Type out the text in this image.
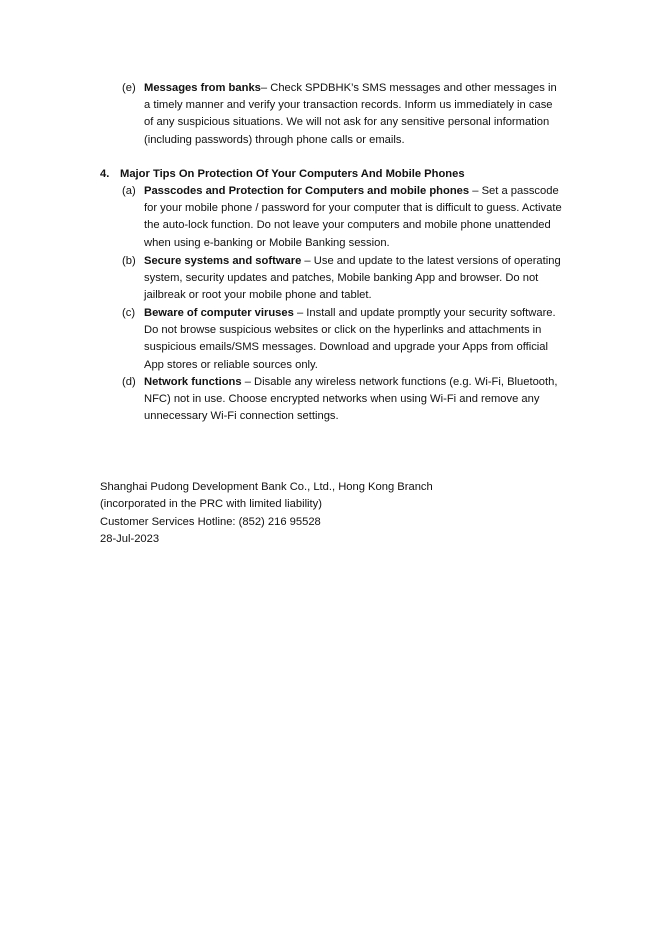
(e) Messages from banks– Check SPDBHK’s SMS messages and other messages in a timely manner and verify your transaction records. Inform us immediately in case of any suspicious situations. We will not ask for any sensitive personal information (including passwords) through phone calls or emails.
4. Major Tips On Protection Of Your Computers And Mobile Phones
(a) Passcodes and Protection for Computers and mobile phones – Set a passcode for your mobile phone / password for your computer that is difficult to guess. Activate the auto-lock function. Do not leave your computers and mobile phone unattended when using e-banking or Mobile Banking session.
(b) Secure systems and software – Use and update to the latest versions of operating system, security updates and patches, Mobile banking App and browser. Do not jailbreak or root your mobile phone and tablet.
(c) Beware of computer viruses – Install and update promptly your security software. Do not browse suspicious websites or click on the hyperlinks and attachments in suspicious emails/SMS messages. Download and upgrade your Apps from official App stores or reliable sources only.
(d) Network functions – Disable any wireless network functions (e.g. Wi-Fi, Bluetooth, NFC) not in use. Choose encrypted networks when using Wi-Fi and remove any unnecessary Wi-Fi connection settings.
Shanghai Pudong Development Bank Co., Ltd., Hong Kong Branch
(incorporated in the PRC with limited liability)
Customer Services Hotline: (852) 216 95528
28-Jul-2023
